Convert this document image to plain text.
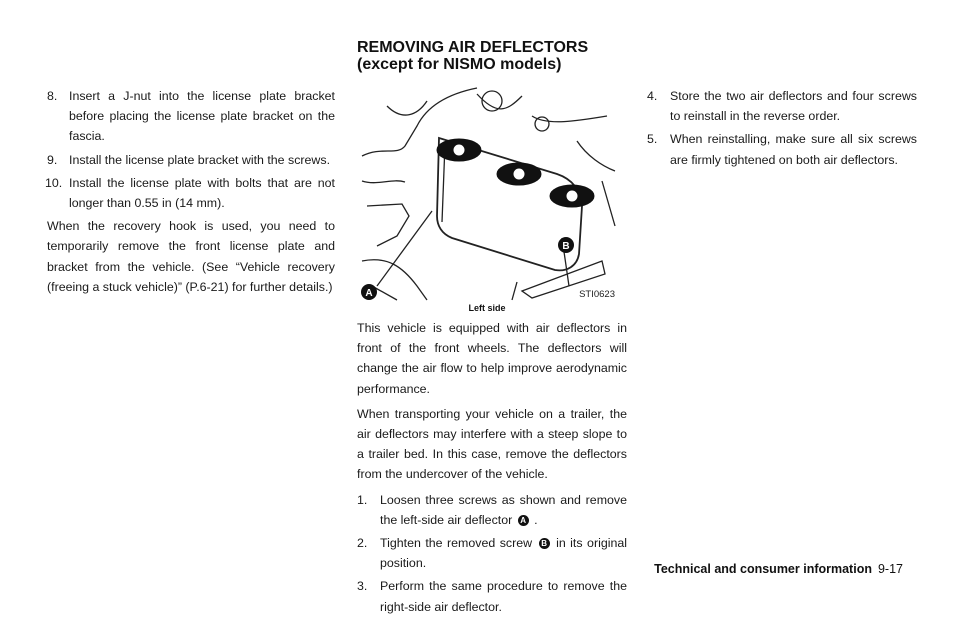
REMOVING AIR DEFLECTORS
(except for NISMO models)
8. Insert a J-nut into the license plate bracket before placing the license plate bracket on the fascia.
9. Install the license plate bracket with the screws.
10. Install the license plate with bolts that are not longer than 0.55 in (14 mm).

When the recovery hook is used, you need to temporarily remove the front license plate and bracket from the vehicle. (See “Vehicle recovery (freeing a stuck vehicle)” (P.6-21) for further details.)	A
B
STI0623
Left side

This vehicle is equipped with air deflectors in front of the front wheels. The deflectors will change the air flow to help improve aerodynamic performance.

When transporting your vehicle on a trailer, the air deflectors may interfere with a steep slope to a trailer bed. In this case, remove the deflectors from the undercover of the vehicle.

1.	Loosen three screws as shown and remove the left-side air deflector A .
2.	Tighten the removed screw B in its original position.
3.	Perform the same procedure to remove the right-side air deflector.
4.	Store the two air deflectors and four screws to reinstall in the reverse order.
5.	When reinstalling, make sure all six screws are firmly tightened on both air deflectors.
Technical and consumer information 9-17
